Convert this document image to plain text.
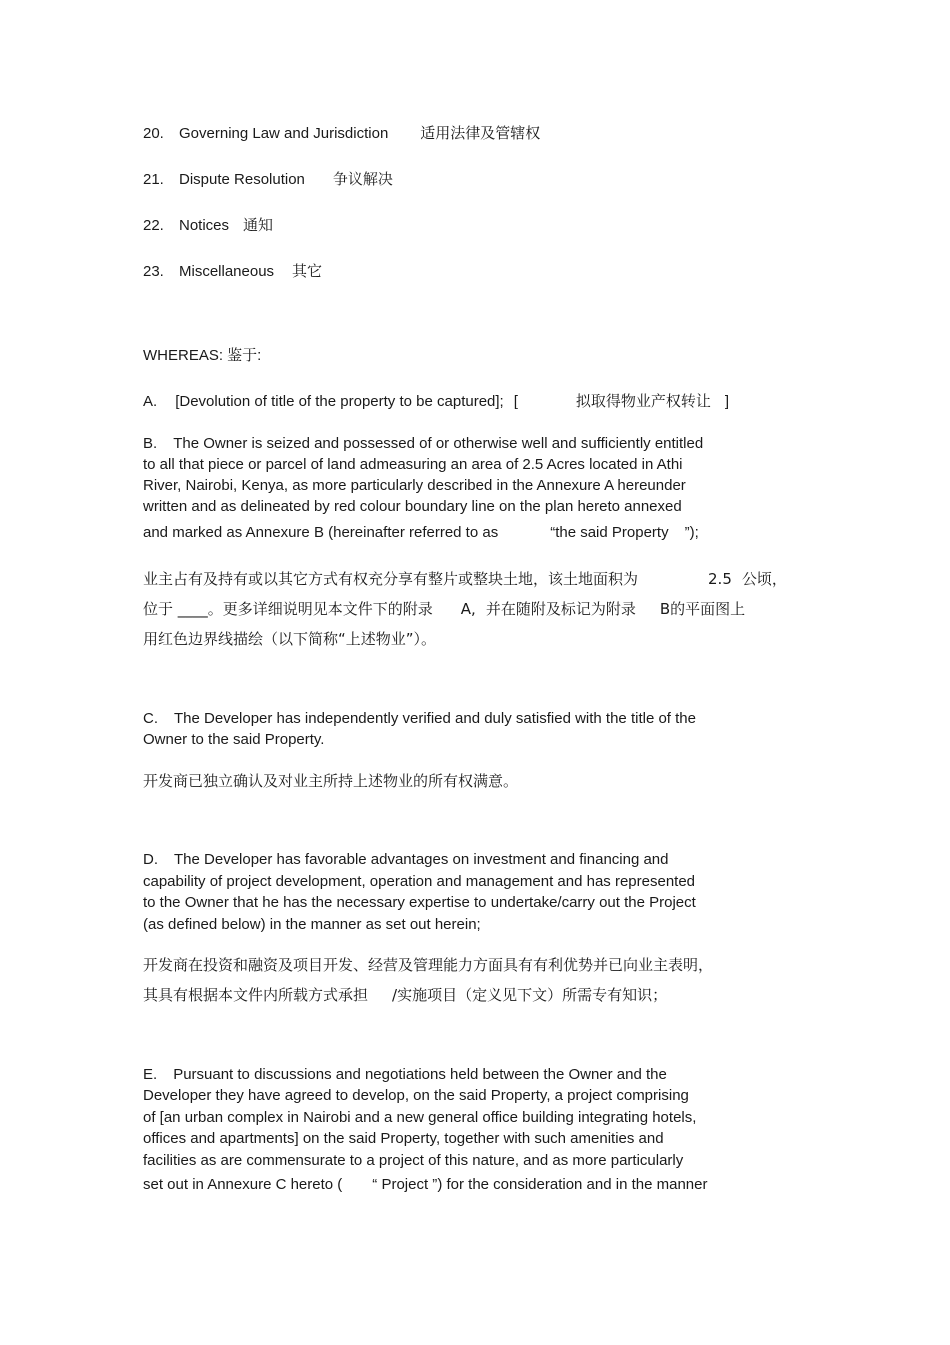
20. Governing Law and Jurisdiction 适用法律及管辖权
21. Dispute Resolution 争议解决
22. Notices 通知
23. Miscellaneous 其它
WHEREAS: 鉴于:
A. [Devolution of title of the property to be captured]; [	拟取得物业产权转让 ]
B. The Owner is seized and possessed of or otherwise well and sufficiently entitled
to all that piece or parcel of land admeasuring an area of 2.5 Acres located in Athi
River, Nairobi, Kenya, as more particularly described in the Annexure A hereunder
written and as delineated by red colour boundary line on the plan hereto annexed
and marked as Annexure B (hereinafter referred to as	“the said Property ”);
业主占有及持有或以其它方式有权充分享有整片或整块土地，该土地面积为	2.5 公顷，
位于 ____。更多详细说明见本文件下的附录 A, 并在随附及标记为附录 B的平面图上
用红色边界线描绘（以下简称“上述物业”）。
C. The Developer has independently verified and duly satisfied with the title of the
Owner to the said Property.
开发商已独立确认及对业主所持上述物业的所有权满意。
D. The Developer has favorable advantages on investment and financing and
capability of project development, operation and management and has represented
to the Owner that he has the necessary expertise to undertake/carry out the Project
(as defined below) in the manner as set out herein;
开发商在投资和融资及项目开发、经营及管理能力方面具有有利优势并已向业主表明，
其具有根据本文件内所载方式承担 /实施项目（定义见下文）所需专有知识；
E. Pursuant to discussions and negotiations held between the Owner and the
Developer they have agreed to develop, on the said Property, a project comprising
of [an urban complex in Nairobi and a new general office building integrating hotels,
offices and apartments] on the said Property, together with such amenities and
facilities as are commensurate to a project of this nature, and as more particularly
set out in Annexure C hereto ( “ Project ”) for the consideration and in the manner
